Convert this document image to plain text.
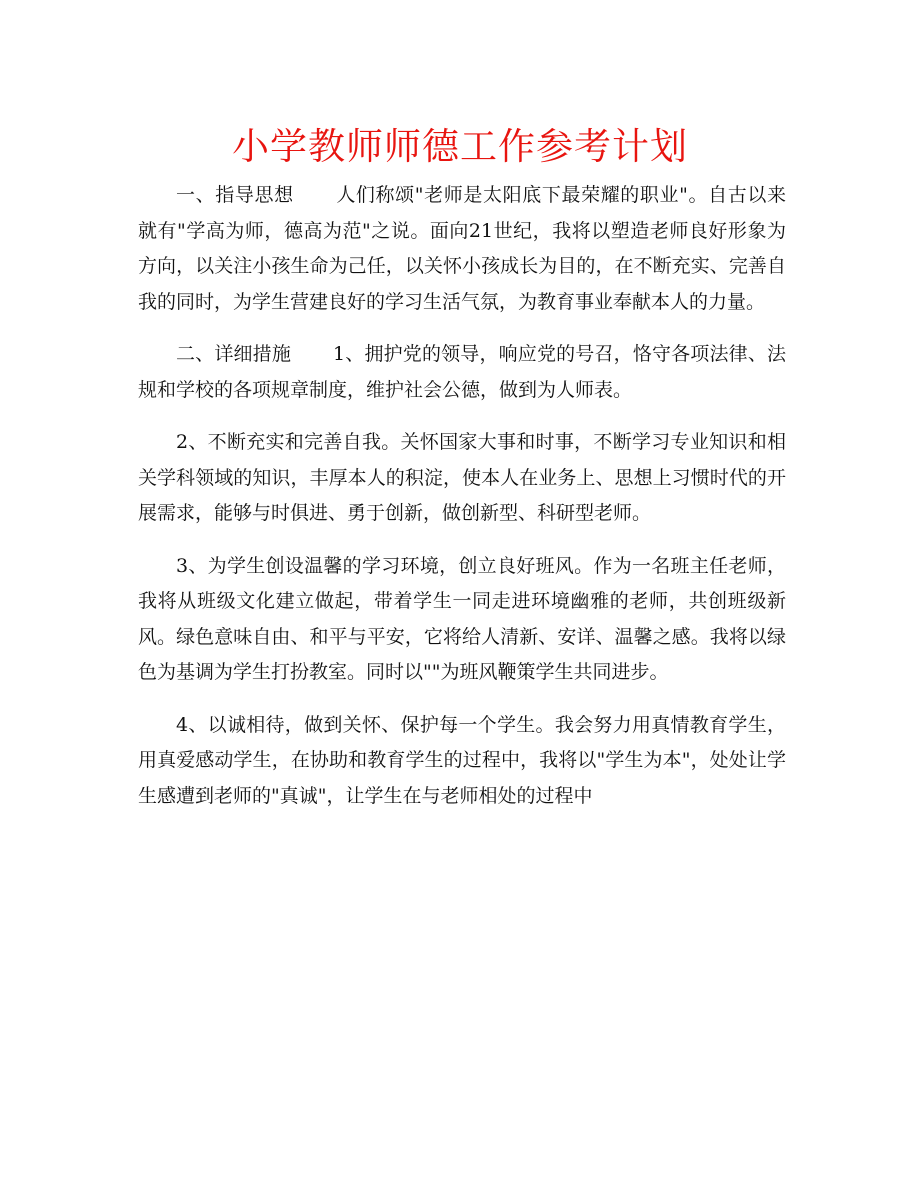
小学教师师德工作参考计划

一、指导思想 人们称颂"老师是太阳底下最荣耀的职业"。自古以来就有"学高为师，德高为范"之说。面向21世纪，我将以塑造老师良好形象为方向，以关注小孩生命为己任，以关怀小孩成长为目的，在不断充实、完善自我的同时，为学生营建良好的学习生活气氛，为教育事业奉献本人的力量。

二、详细措施 1、拥护党的领导，响应党的号召，恪守各项法律、法规和学校的各项规章制度，维护社会公德，做到为人师表。

2、不断充实和完善自我。关怀国家大事和时事，不断学习专业知识和相关学科领域的知识，丰厚本人的积淀，使本人在业务上、思想上习惯时代的开展需求，能够与时俱进、勇于创新，做创新型、科研型老师。

3、为学生创设温馨的学习环境，创立良好班风。作为一名班主任老师，我将从班级文化建立做起，带着学生一同走进环境幽雅的老师，共创班级新风。绿色意味自由、和平与平安，它将给人清新、安详、温馨之感。我将以绿色为基调为学生打扮教室。同时以""为班风鞭策学生共同进步。

4、以诚相待，做到关怀、保护每一个学生。我会努力用真情教育学生，用真爱感动学生，在协助和教育学生的过程中，我将以"学生为本"，处处让学生感遭到老师的"真诚"，让学生在与老师相处的过程中
